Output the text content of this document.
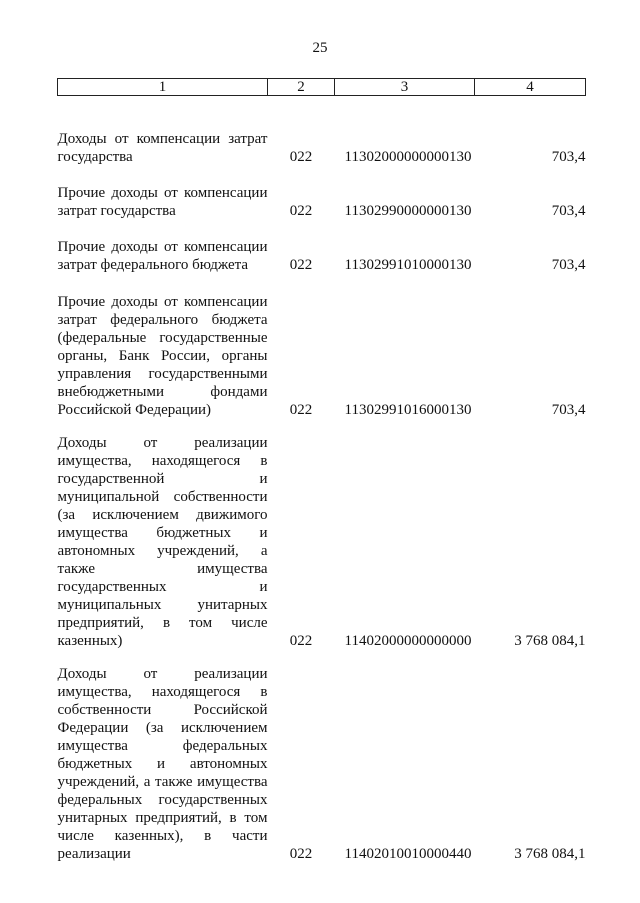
25
1	2	3	4
Доходы от компенсации затрат государства	022	11302000000000130	703,4
Прочие доходы от компенсации затрат государства	022	11302990000000130	703,4
Прочие доходы от компенсации затрат федерального бюджета	022	11302991010000130	703,4
Прочие доходы от компенсации затрат федерального бюджета (федеральные государственные органы, Банк России, органы управления государственными внебюджетными фондами Российской Федерации)	022	11302991016000130	703,4
Доходы от реализации имущества, находящегося в государственной и муниципальной собственности (за исключением движимого имущества бюджетных и автономных учреждений, а также имущества государственных и муниципальных унитарных предприятий, в том числе казенных)	022	11402000000000000	3 768 084,1
Доходы от реализации имущества, находящегося в собственности Российской Федерации (за исключением имущества федеральных бюджетных и автономных учреждений, а также имущества федеральных государственных унитарных предприятий, в том числе казенных), в части реализации	022	11402010010000440	3 768 084,1
